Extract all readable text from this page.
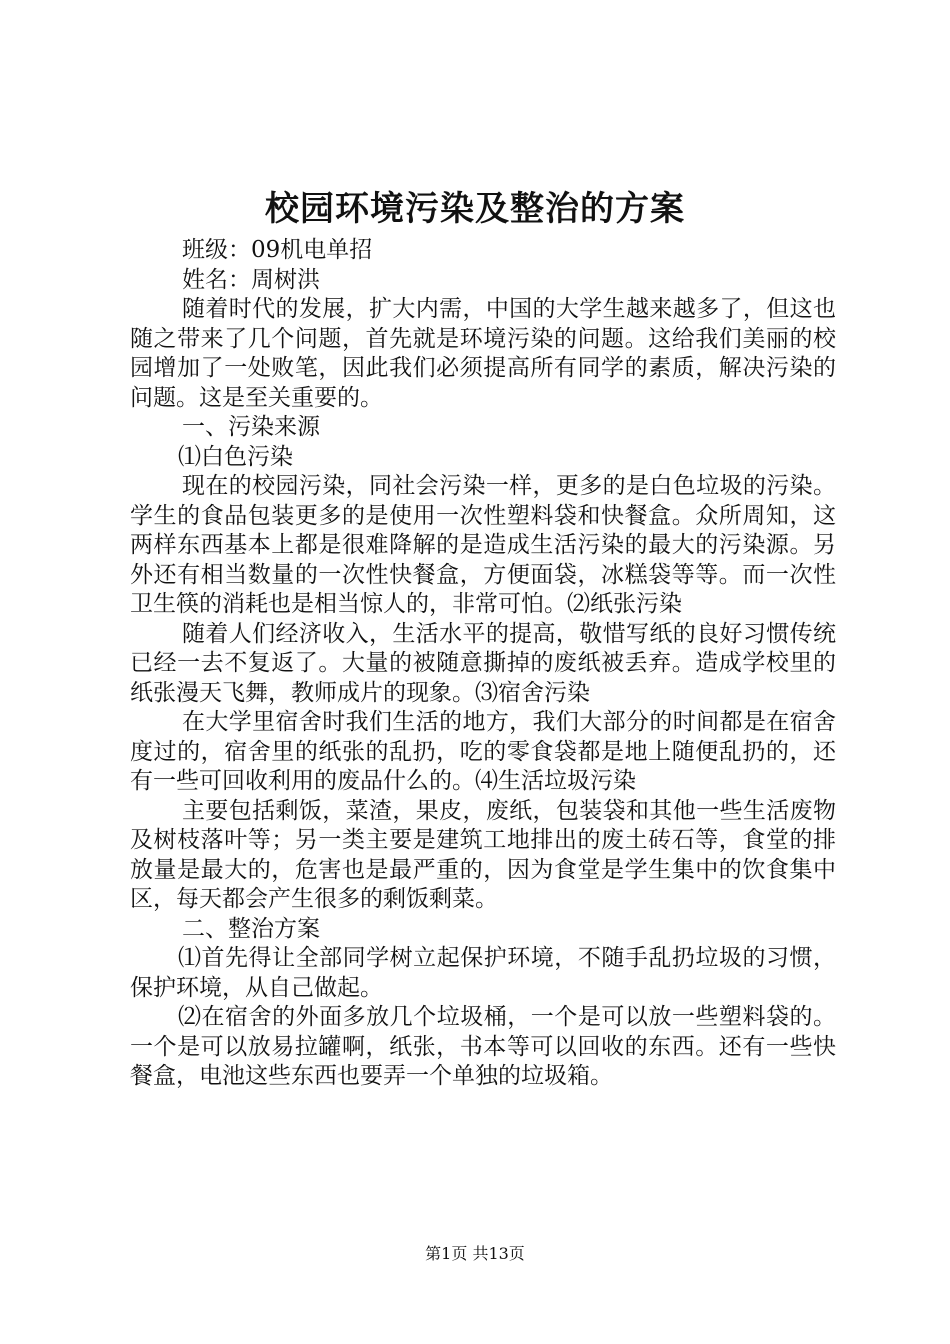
校园环境污染及整治的方案

班级：09机电单招

姓名：周树洪

随着时代的发展，扩大内需，中国的大学生越来越多了，但这也随之带来了几个问题，首先就是环境污染的问题。这给我们美丽的校园增加了一处败笔，因此我们必须提高所有同学的素质，解决污染的问题。这是至关重要的。

一、污染来源

⑴白色污染

现在的校园污染，同社会污染一样，更多的是白色垃圾的污染。学生的食品包装更多的是使用一次性塑料袋和快餐盒。众所周知，这两样东西基本上都是很难降解的是造成生活污染的最大的污染源。另外还有相当数量的一次性快餐盒，方便面袋，冰糕袋等等。而一次性卫生筷的消耗也是相当惊人的，非常可怕。⑵纸张污染

随着人们经济收入，生活水平的提高，敬惜写纸的良好习惯传统已经一去不复返了。大量的被随意撕掉的废纸被丢弃。造成学校里的纸张漫天飞舞，教师成片的现象。⑶宿舍污染

在大学里宿舍时我们生活的地方，我们大部分的时间都是在宿舍度过的，宿舍里的纸张的乱扔，吃的零食袋都是地上随便乱扔的，还有一些可回收利用的废品什么的。⑷生活垃圾污染

主要包括剩饭，菜渣，果皮，废纸，包装袋和其他一些生活废物及树枝落叶等；另一类主要是建筑工地排出的废土砖石等，食堂的排放量是最大的，危害也是最严重的，因为食堂是学生集中的饮食集中区，每天都会产生很多的剩饭剩菜。

二、整治方案

⑴首先得让全部同学树立起保护环境，不随手乱扔垃圾的习惯，保护环境，从自己做起。

⑵在宿舍的外面多放几个垃圾桶，一个是可以放一些塑料袋的。一个是可以放易拉罐啊，纸张，书本等可以回收的东西。还有一些快餐盒，电池这些东西也要弄一个单独的垃圾箱。

第1页 共13页
